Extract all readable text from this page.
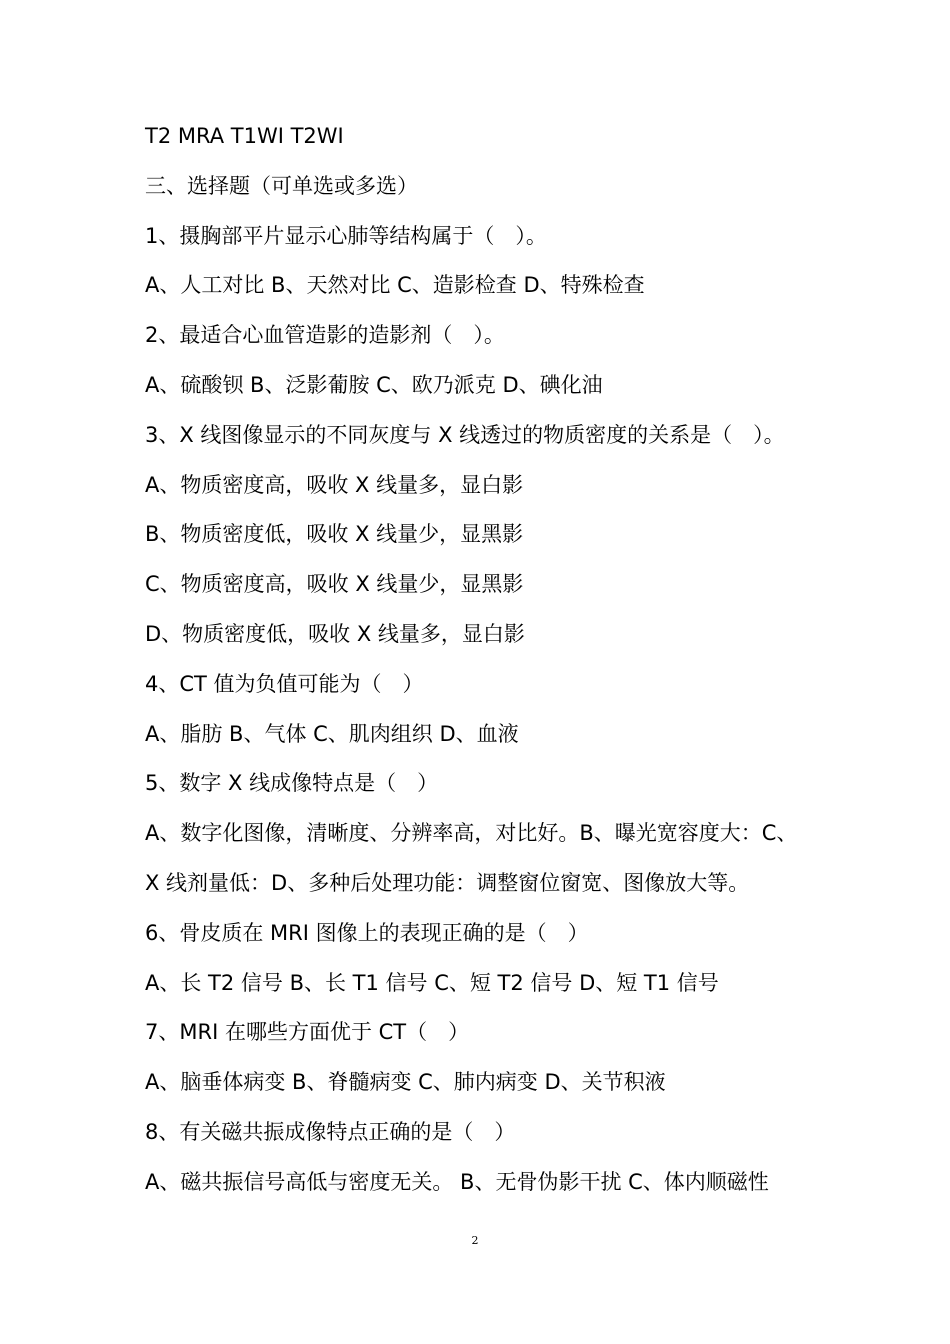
T2 MRA T1WI T2WI
三、选择题（可单选或多选）
1、摄胸部平片显示心肺等结构属于（　）。
A、人工对比 B、天然对比 C、造影检查 D、特殊检查
2、最适合心血管造影的造影剂（　）。
A、硫酸钡 B、泛影葡胺 C、欧乃派克 D、碘化油
3、X 线图像显示的不同灰度与 X 线透过的物质密度的关系是（　）。
A、物质密度高，吸收 X 线量多，显白影
B、物质密度低，吸收 X 线量少，显黑影
C、物质密度高，吸收 X 线量少，显黑影
D、物质密度低，吸收 X 线量多，显白影
4、CT 值为负值可能为（　）
A、脂肪 B、气体 C、肌肉组织 D、血液
5、数字 X 线成像特点是（　）
A、数字化图像，清晰度、分辨率高，对比好。B、曝光宽容度大：C、
X 线剂量低：D、多种后处理功能：调整窗位窗宽、图像放大等。
6、骨皮质在 MRI 图像上的表现正确的是（　）
A、长 T2 信号 B、长 T1 信号 C、短 T2 信号 D、短 T1 信号
7、MRI 在哪些方面优于 CT（　）
A、脑垂体病变 B、脊髓病变 C、肺内病变 D、关节积液
8、有关磁共振成像特点正确的是（　）
A、磁共振信号高低与密度无关。 B、无骨伪影干扰 C、体内顺磁性
2
